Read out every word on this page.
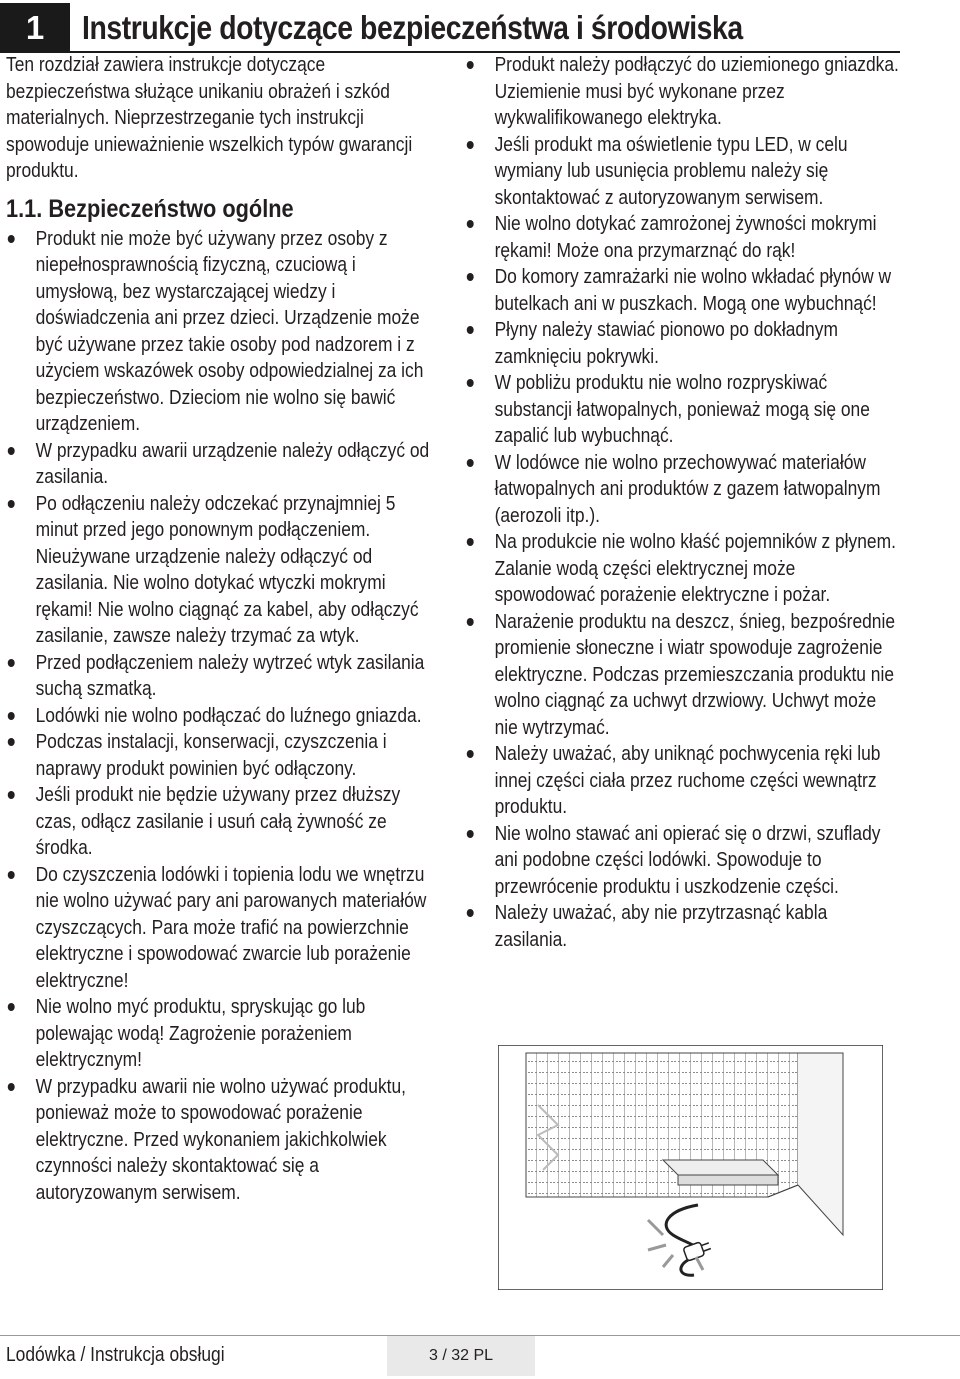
1	Instrukcje dotyczące bezpieczeństwa i środowiska

Ten rozdział zawiera instrukcje dotyczące bezpieczeństwa służące unikaniu obrażeń i szkód materialnych. Nieprzestrzeganie tych instrukcji spowoduje unieważnienie wszelkich typów gwarancji produktu.

1.1. Bezpieczeństwo ogólne
Produkt nie może być używany przez osoby z niepełnosprawnością fizyczną, czuciową i umysłową, bez wystarczającej wiedzy i doświadczenia ani przez dzieci. Urządzenie może być używane przez takie osoby pod nadzorem i z użyciem wskazówek osoby odpowiedzialnej za ich bezpieczeństwo. Dzieciom nie wolno się bawić urządzeniem.
W przypadku awarii urządzenie należy odłączyć od zasilania.
Po odłączeniu należy odczekać przynajmniej 5 minut przed jego ponownym podłączeniem. Nieużywane urządzenie należy odłączyć od zasilania. Nie wolno dotykać wtyczki mokrymi rękami! Nie wolno ciągnąć za kabel, aby odłączyć zasilanie, zawsze należy trzymać za wtyk.
Przed podłączeniem należy wytrzeć wtyk zasilania suchą szmatką.
Lodówki nie wolno podłączać do luźnego gniazda.
Podczas instalacji, konserwacji, czyszczenia i naprawy produkt powinien być odłączony.
Jeśli produkt nie będzie używany przez dłuższy czas, odłącz zasilanie i usuń całą żywność ze środka.
Do czyszczenia lodówki i topienia lodu we wnętrzu nie wolno używać pary ani parowanych materiałów czyszczących. Para może trafić na powierzchnie elektryczne i spowodować zwarcie lub porażenie elektryczne!
Nie wolno myć produktu, spryskując go lub polewając wodą! Zagrożenie porażeniem elektrycznym!
W przypadku awarii nie wolno używać produktu, ponieważ może to spowodować porażenie elektryczne. Przed wykonaniem jakichkolwiek czynności należy skontaktować się a autoryzowanym serwisem.
Produkt należy podłączyć do uziemionego gniazdka. Uziemienie musi być wykonane przez wykwalifikowanego elektryka.
Jeśli produkt ma oświetlenie typu LED, w celu wymiany lub usunięcia problemu należy się skontaktować z autoryzowanym serwisem.
Nie wolno dotykać zamrożonej żywności mokrymi rękami! Może ona przymarznąć do rąk!
Do komory zamrażarki nie wolno wkładać płynów w butelkach ani w puszkach. Mogą one wybuchnąć!
Płyny należy stawiać pionowo po dokładnym zamknięciu pokrywki.
W pobliżu produktu nie wolno rozpryskiwać substancji łatwopalnych, ponieważ mogą się one zapalić lub wybuchnąć.
W lodówce nie wolno przechowywać materiałów łatwopalnych ani produktów z gazem łatwopalnym (aerozoli itp.).
Na produkcie nie wolno kłaść pojemników z płynem. Zalanie wodą części elektrycznej może spowodować porażenie elektryczne i pożar.
Narażenie produktu na deszcz, śnieg, bezpośrednie promienie słoneczne i wiatr spowoduje zagrożenie elektryczne. Podczas przemieszczania produktu nie wolno ciągnąć za uchwyt drzwiowy. Uchwyt może nie wytrzymać.
Należy uważać, aby uniknąć pochwycenia ręki lub innej części ciała przez ruchome części wewnątrz produktu.
Nie wolno stawać ani opierać się o drzwi, szuflady ani podobne części lodówki. Spowoduje to przewrócenie produktu i uszkodzenie części.
Należy uważać, aby nie przytrzasnąć kabla zasilania.
Lodówka / Instrukcja obsługi	3 / 32 PL
